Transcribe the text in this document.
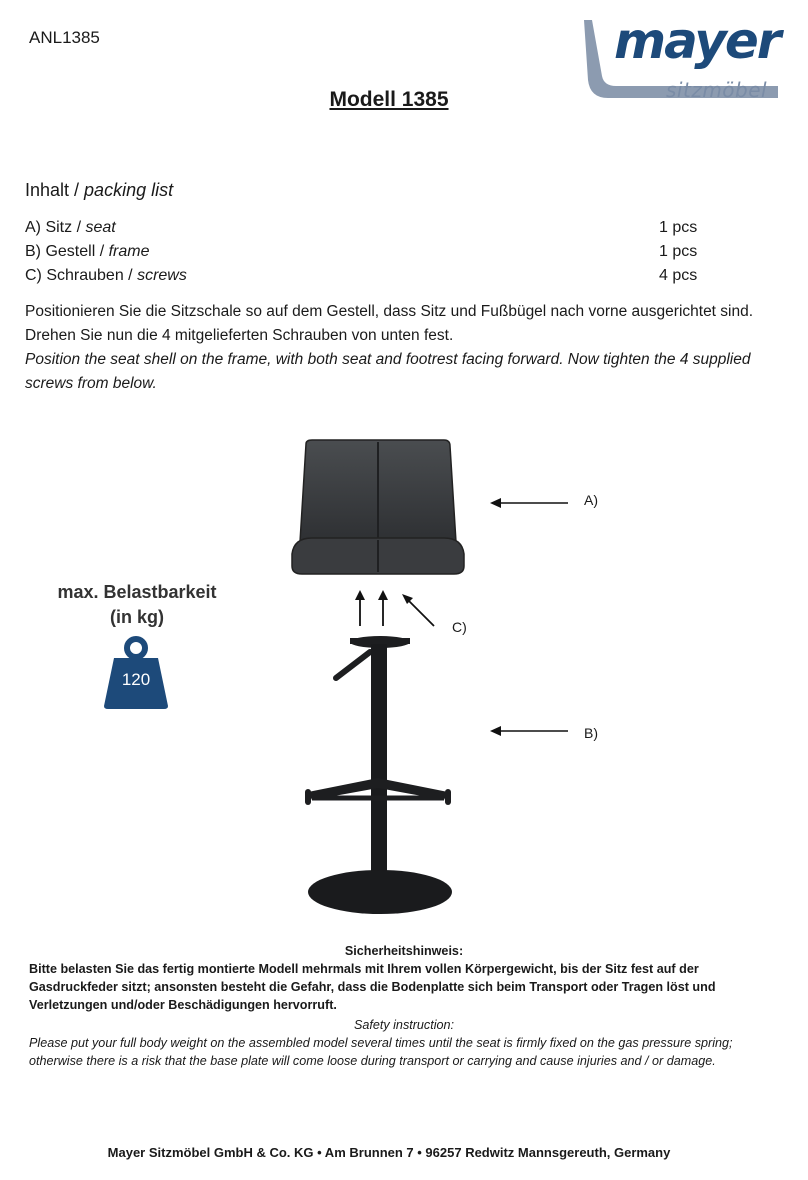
ANL1385	mayer
sitzmöbel
Modell 1385
Inhalt / packing list
A) Sitz / seat	1 pcs
B) Gestell / frame	1 pcs
C) Schrauben / screws	4 pcs
Positionieren Sie die Sitzschale so auf dem Gestell, dass Sitz und Fußbügel nach vorne ausgerichtet sind. Drehen Sie nun die 4 mitgelieferten Schrauben von unten fest.
Position the seat shell on the frame, with both seat and footrest facing forward. Now tighten the 4 supplied screws from below.
A)
C)
B)
max. Belastbarkeit
(in kg)
120
Sicherheitshinweis:
Bitte belasten Sie das fertig montierte Modell mehrmals mit Ihrem vollen Körpergewicht, bis der Sitz fest auf der Gasdruckfeder sitzt; ansonsten besteht die Gefahr, dass die Bodenplatte sich beim Transport oder Tragen löst und Verletzungen und/oder Beschädigungen hervorruft.
Safety instruction:
Please put your full body weight on the assembled model several times until the seat is firmly fixed on the gas pressure spring; otherwise there is a risk that the base plate will come loose during transport or carrying and cause injuries and / or damage.
Mayer Sitzmöbel GmbH & Co. KG • Am Brunnen 7 • 96257 Redwitz Mannsgereuth, Germany
